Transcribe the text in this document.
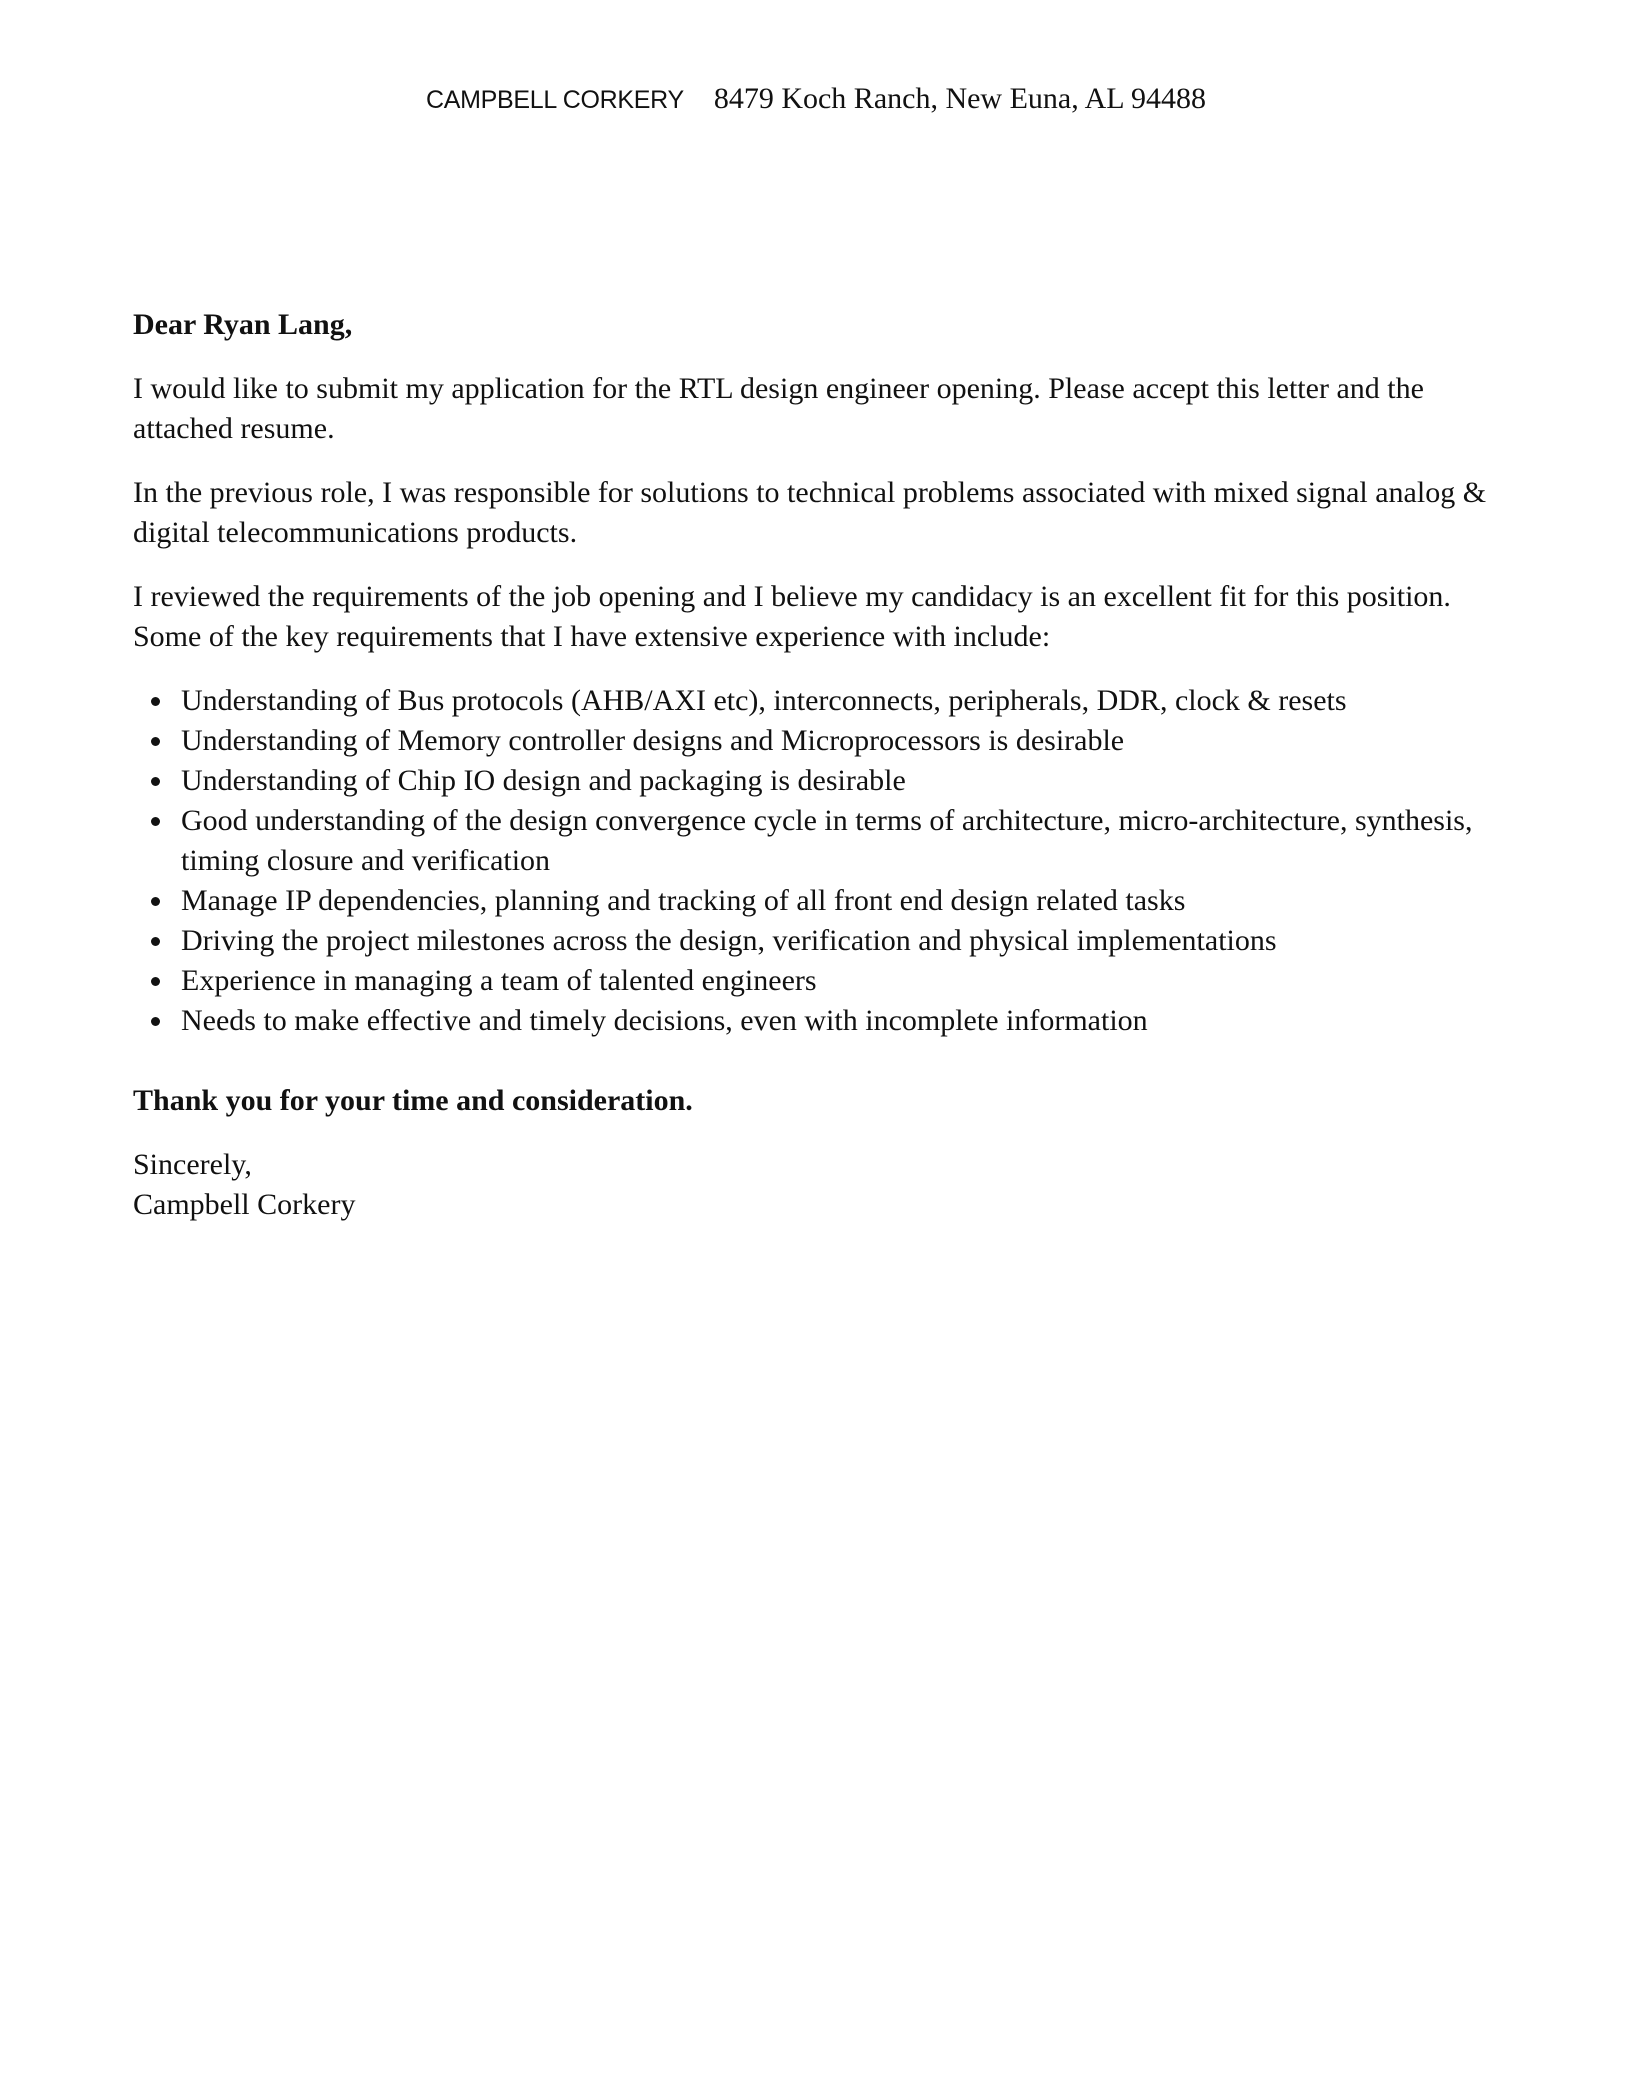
CAMPBELL CORKERY 8479 Koch Ranch, New Euna, AL 94488

Dear Ryan Lang,

I would like to submit my application for the RTL design engineer opening. Please accept this letter and the attached resume.

In the previous role, I was responsible for solutions to technical problems associated with mixed signal analog & digital telecommunications products.

I reviewed the requirements of the job opening and I believe my candidacy is an excellent fit for this position. Some of the key requirements that I have extensive experience with include:

Understanding of Bus protocols (AHB/AXI etc), interconnects, peripherals, DDR, clock & resets
Understanding of Memory controller designs and Microprocessors is desirable
Understanding of Chip IO design and packaging is desirable
Good understanding of the design convergence cycle in terms of architecture, micro-architecture, synthesis, timing closure and verification
Manage IP dependencies, planning and tracking of all front end design related tasks
Driving the project milestones across the design, verification and physical implementations
Experience in managing a team of talented engineers
Needs to make effective and timely decisions, even with incomplete information

Thank you for your time and consideration.

Sincerely,

Campbell Corkery
